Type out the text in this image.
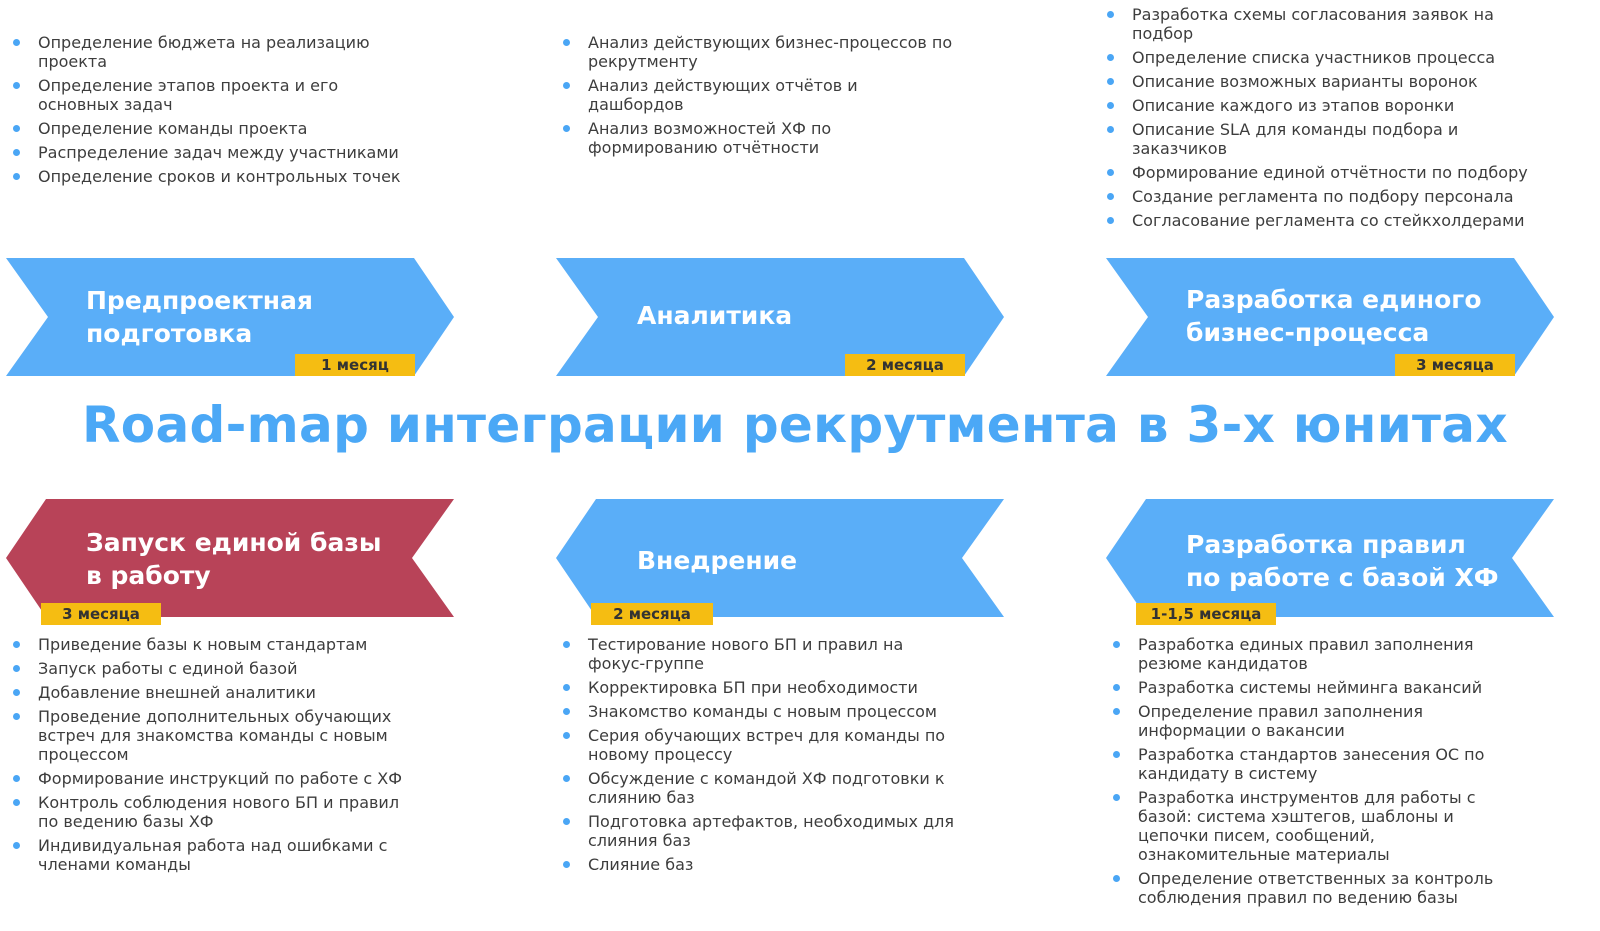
Определение бюджета на реализацию проекта
Определение этапов проекта и его основных задач
Определение команды проекта
Распределение задач между участниками
Определение сроков и контрольных точек
Анализ действующих бизнес-процессов по рекрутменту
Анализ действующих отчётов и дашбордов
Анализ возможностей ХФ по формированию отчётности
Разработка схемы согласования заявок на подбор
Определение списка участников процесса
Описание возможных варианты воронок
Описание каждого из этапов воронки
Описание SLA для команды подбора и заказчиков
Формирование единой отчётности по подбору
Создание регламента по подбору персонала
Согласование регламента со стейкхолдерами
Предпроектная
подготовка
1 месяц
Аналитика
2 месяца
Разработка единого
бизнес-процесса
3 месяца
Road-map интеграции рекрутмента в 3-х юнитах
Запуск единой базы
в работу
3 месяца
Внедрение
2 месяца
Разработка правил
по работе с базой ХФ
1-1,5 месяца
Приведение базы к новым стандартам
Запуск работы с единой базой
Добавление внешней аналитики
Проведение дополнительных обучающих встреч для знакомства команды с новым процессом
Формирование инструкций по работе с ХФ
Контроль соблюдения нового БП и правил по ведению базы ХФ
Индивидуальная работа над ошибками с членами команды
Тестирование нового БП и правил на фокус-группе
Корректировка БП при необходимости
Знакомство команды с новым процессом
Серия обучающих встреч для команды по новому процессу
Обсуждение с командой ХФ подготовки к слиянию баз
Подготовка артефактов, необходимых для слияния баз
Слияние баз
Разработка единых правил заполнения резюме кандидатов
Разработка системы нейминга вакансий
Определение правил заполнения информации о вакансии
Разработка стандартов занесения ОС по кандидату в систему
Разработка инструментов для работы с базой: система хэштегов, шаблоны и цепочки писем, сообщений, ознакомительные материалы
Определение ответственных за контроль соблюдения правил по ведению базы
